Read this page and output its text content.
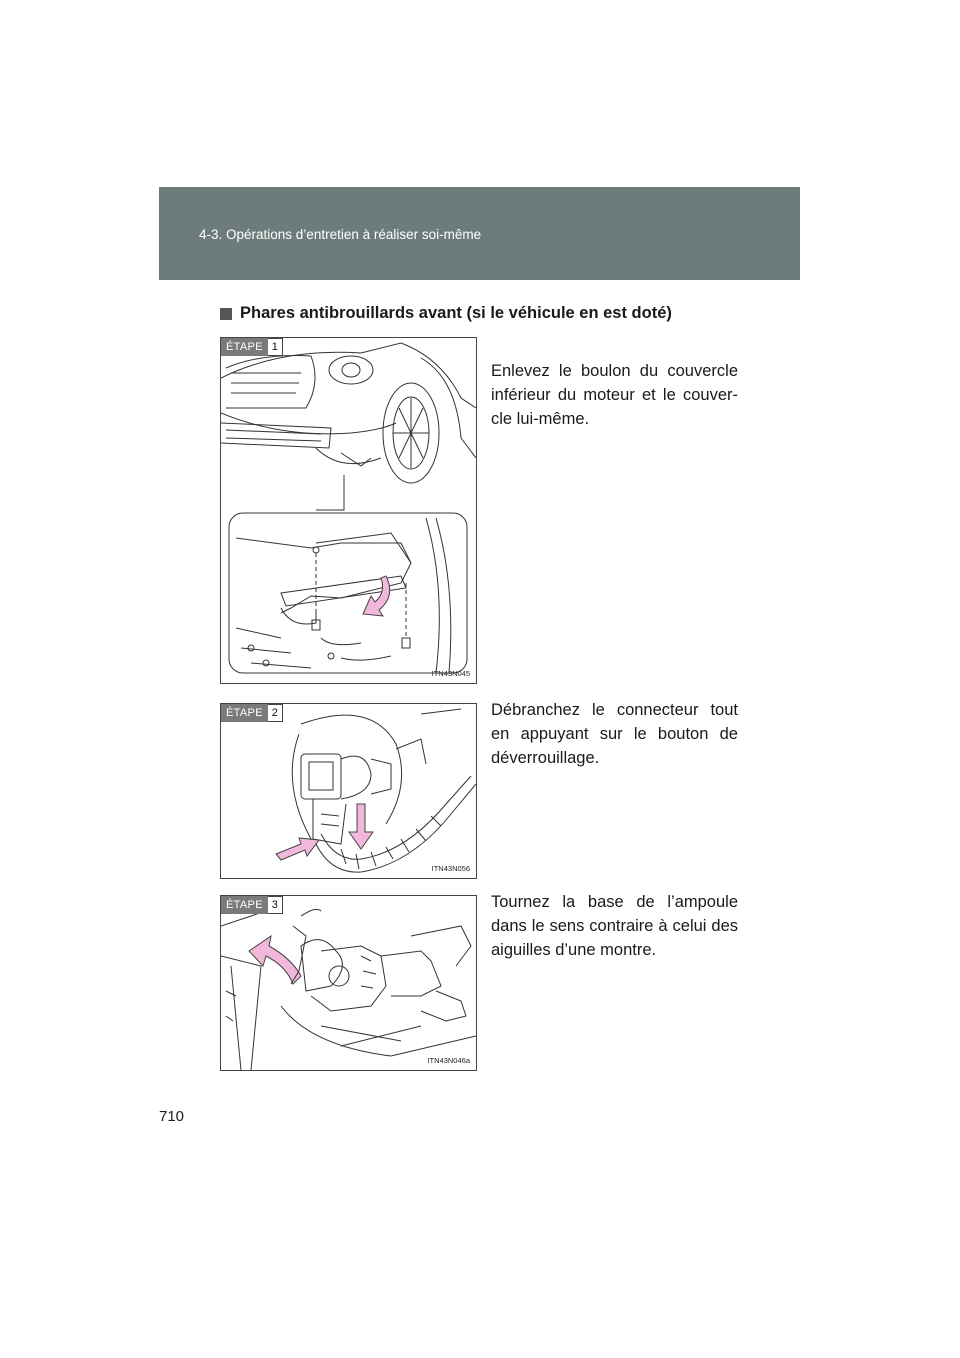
4-3. Opérations d’entretien à réaliser soi-même
Phares antibrouillards avant (si le véhicule en est doté)
ÉTAPE 1
ITN43N045
Enlevez le boulon du couvercle inférieur du moteur et le couver-cle lui-même.
ÉTAPE 2
ITN43N056
Débranchez le connecteur tout en appuyant sur le bouton de déverrouillage.
ÉTAPE 3
ITN43N046a
Tournez la base de l’ampoule dans le sens contraire à celui des aiguilles d’une montre.
710
